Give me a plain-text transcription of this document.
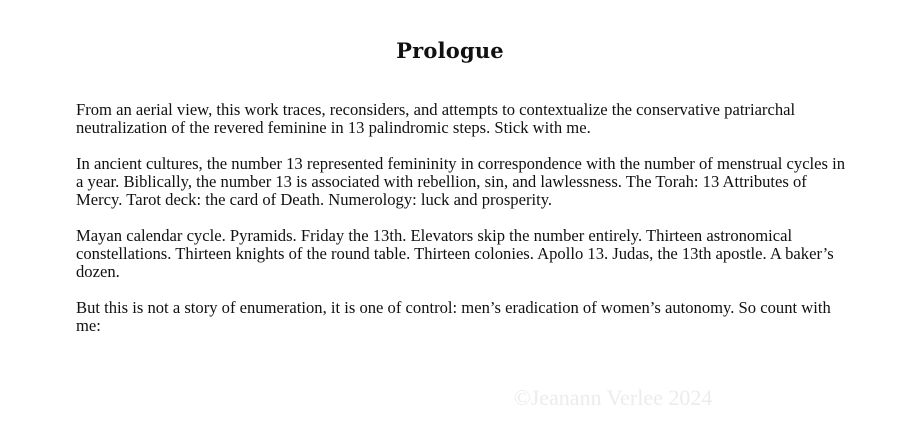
Prologue

From an aerial view, this work traces, reconsiders, and attempts to contextualize the conservative patriarchal neutralization of the revered feminine in 13 palindromic steps. Stick with me.

In ancient cultures, the number 13 represented femininity in correspondence with the number of menstrual cycles in a year. Biblically, the number 13 is associated with rebellion, sin, and lawlessness. The Torah: 13 Attributes of Mercy. Tarot deck: the card of Death. Numerology: luck and prosperity.

Mayan calendar cycle. Pyramids. Friday the 13th. Elevators skip the number entirely. Thirteen astronomical constellations. Thirteen knights of the round table. Thirteen colonies. Apollo 13. Judas, the 13th apostle. A baker’s dozen.

But this is not a story of enumeration, it is one of control: men’s eradication of women’s autonomy. So count with me:

©Jeanann Verlee 2024
